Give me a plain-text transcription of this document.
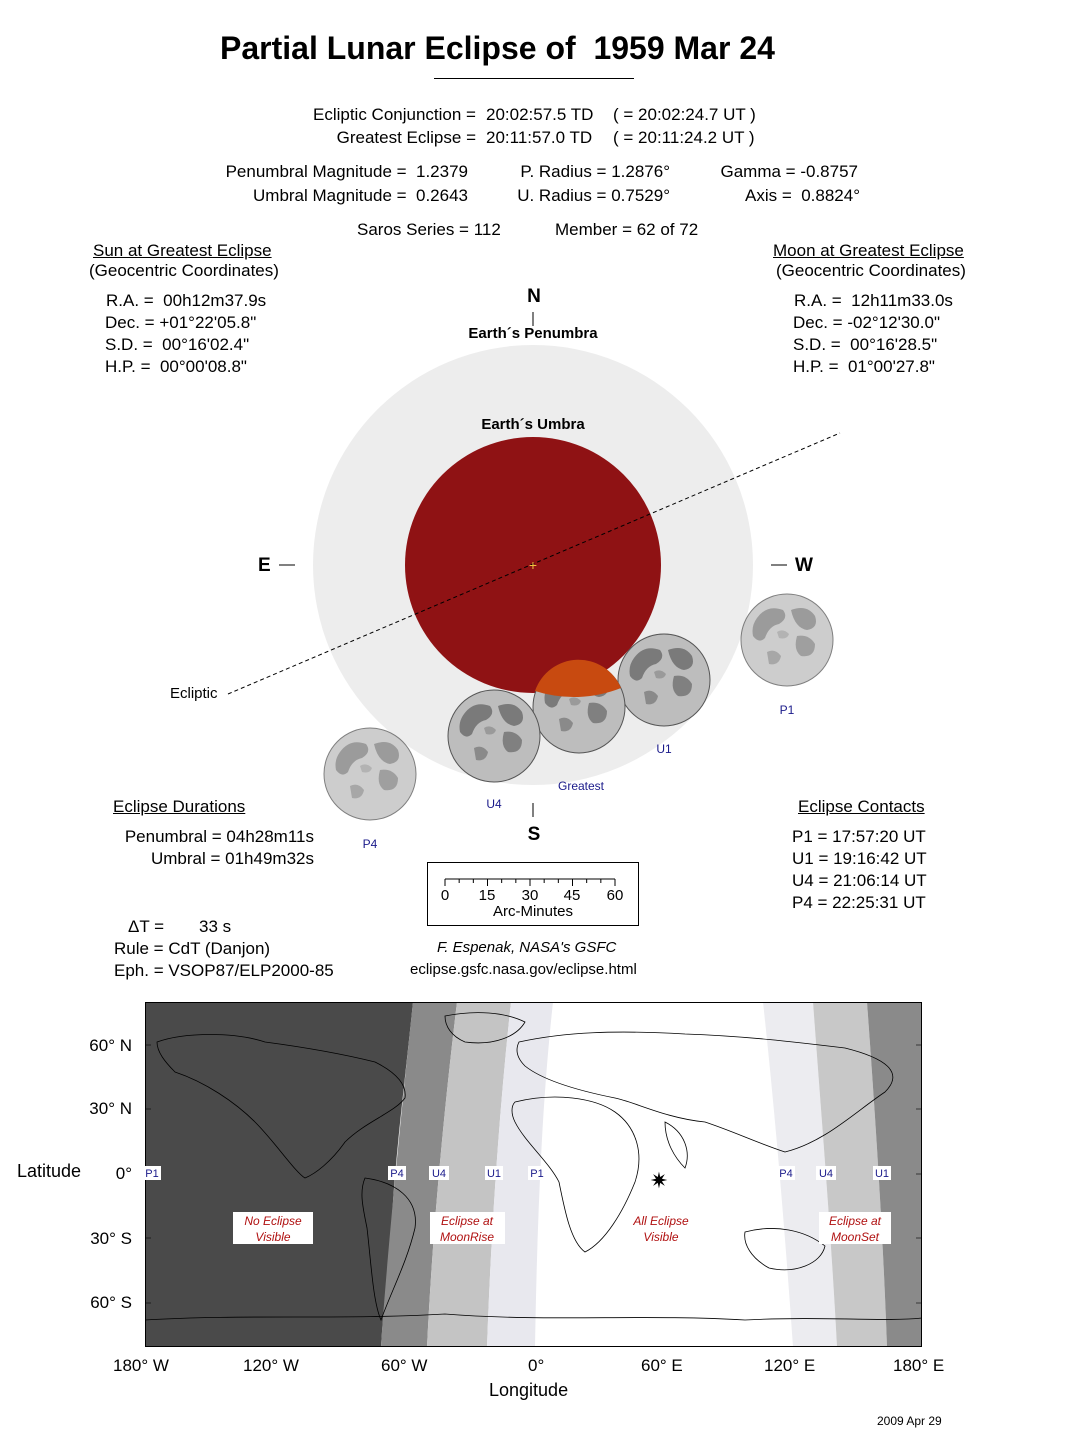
Partial Lunar Eclipse of  1959 Mar 24
Ecliptic Conjunction = 20:02:57.5 TD ( = 20:02:24.7 UT )
Greatest Eclipse = 20:11:57.0 TD ( = 20:11:24.2 UT )
Penumbral Magnitude =  1.2379
Umbral Magnitude =  0.2643
P. Radius = 1.2876°
U. Radius = 0.7529°
Gamma = -0.8757
Axis =  0.8824°
Saros Series = 112	Member = 62 of 72
Sun at Greatest Eclipse
(Geocentric Coordinates)
R.A. =  00h12m37.9s
Dec. = +01°22'05.8"
S.D. =  00°16'02.4"
H.P. =  00°00'08.8"
Moon at Greatest Eclipse
(Geocentric Coordinates)
R.A. =  12h11m33.0s
Dec. = -02°12'30.0"
S.D. =  00°16'28.5"
H.P. =  01°00'27.8"
Ecliptic
+
N
Earth´s Penumbra
Earth´s Umbra
E	W
S
P1
U1
Greatest
U4
P4
Eclipse Durations
Penumbral = 04h28m11s
Umbral = 01h49m32s
Eclipse Contacts
P1 = 17:57:20 UT
U1 = 19:16:42 UT
U4 = 21:06:14 UT
P4 = 22:25:31 UT
0 15 30 45 60
Arc-Minutes
ΔT = 33 s
Rule = CdT (Danjon)
Eph. = VSOP87/ELP2000-85
F. Espenak, NASA's GSFC
eclipse.gsfc.nasa.gov/eclipse.html
✷
P1	P4	U4	U1	P1	P4 U4	U1
No Eclipse
Visible
Eclipse at
MoonRise
All Eclipse
Visible
Eclipse at
MoonSet
60° N
30° N
0°
30° S
60° S
Latitude
180° W	120° W	60° W	0°	60° E	120° E	180° E
Longitude
2009 Apr 29
